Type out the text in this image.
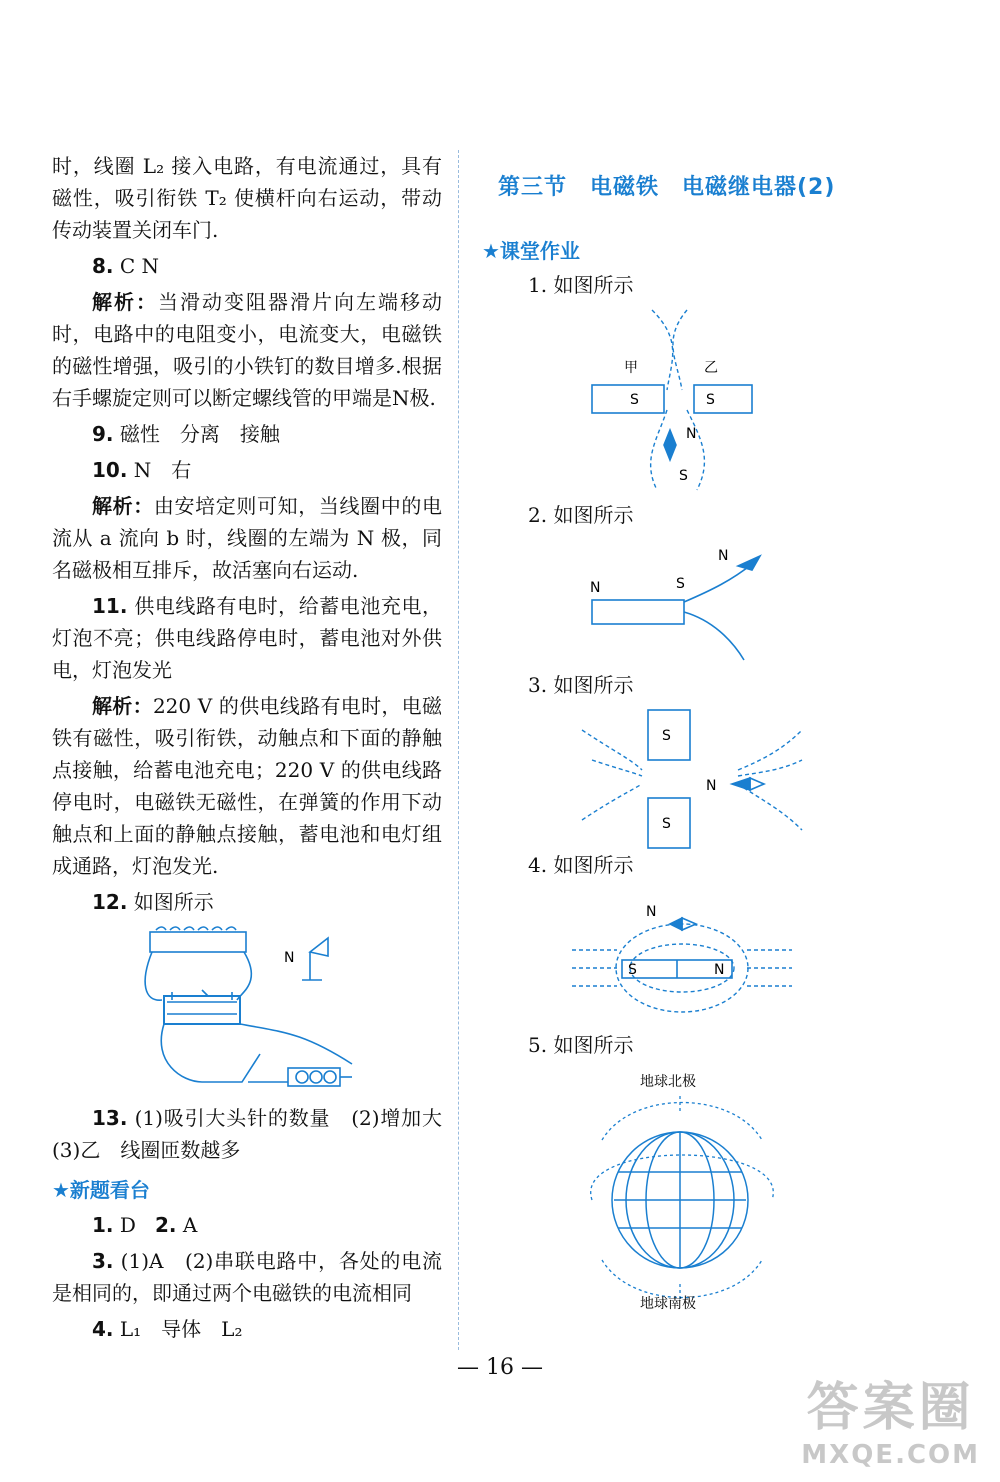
时，线圈 L₂ 接入电路，有电流通过，具有磁性，吸引衔铁 T₂ 使横杆向右运动，带动传动装置关闭车门.

8. C N

解析：当滑动变阻器滑片向左端移动时，电路中的电阻变小，电流变大，电磁铁的磁性增强，吸引的小铁钉的数目增多.根据右手螺旋定则可以断定螺线管的甲端是N极.

9. 磁性　分离　接触

10. N　右

解析：由安培定则可知，当线圈中的电流从 a 流向 b 时，线圈的左端为 N 极，同名磁极相互排斥，故活塞向右运动.

11. 供电线路有电时，给蓄电池充电，灯泡不亮；供电线路停电时，蓄电池对外供电，灯泡发光

解析：220 V 的供电线路有电时，电磁铁有磁性，吸引衔铁，动触点和下面的静触点接触，给蓄电池充电；220 V 的供电线路停电时，电磁铁无磁性，在弹簧的作用下动触点和上面的静触点接触，蓄电池和电灯组成通路，灯泡发光.

12. 如图所示

N

13. (1)吸引大头针的数量　(2)增加大　(3)乙　线圈匝数越多

★新题看台

1. D 2. A

3. (1)A　(2)串联电路中，各处的电流是相同的，即通过两个电磁铁的电流相同

4. L₁　导体　L₂

第三节　电磁铁　电磁继电器(2)
★课堂作业
1. 如图所示
甲	乙
S	S
N
S
2. 如图所示
N	S
N
3. 如图所示
S
S
N
4. 如图所示
N
S	N
5. 如图所示
地球北极
地球南极
— 16 —
答案圈
MXQE.COM
